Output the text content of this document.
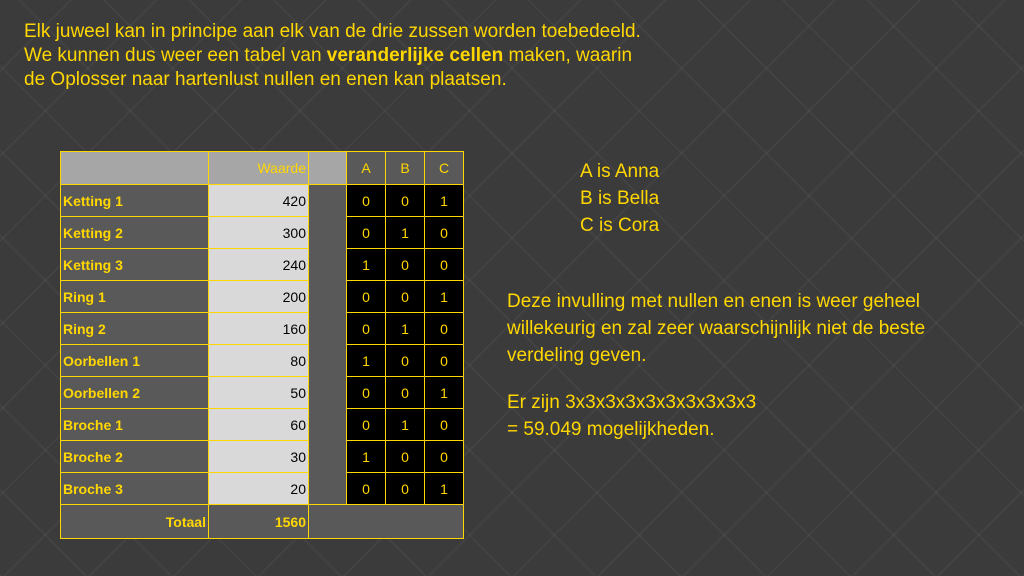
Elk juweel kan in principe aan elk van de drie zussen worden toebedeeld.
We kunnen dus weer een tabel van veranderlijke cellen maken, waarin
de Oplosser naar hartenlust nullen en enen kan plaatsen.

	Waarde		A	B	C
Ketting 1	420		0	0	1
Ketting 2	300		0	1	0
Ketting 3	240		1	0	0
Ring 1	200		0	0	1
Ring 2	160		0	1	0
Oorbellen 1	80		1	0	0
Oorbellen 2	50		0	0	1
Broche 1	60		0	1	0
Broche 2	30		1	0	0
Broche 3	20		0	0	1
Totaal	1560				
A is Anna
B is Bella
C is Cora

Deze invulling met nullen en enen is weer geheel willekeurig en zal zeer waarschijnlijk niet de beste verdeling geven.

Er zijn 3x3x3x3x3x3x3x3x3x3
= 59.049 mogelijkheden.
